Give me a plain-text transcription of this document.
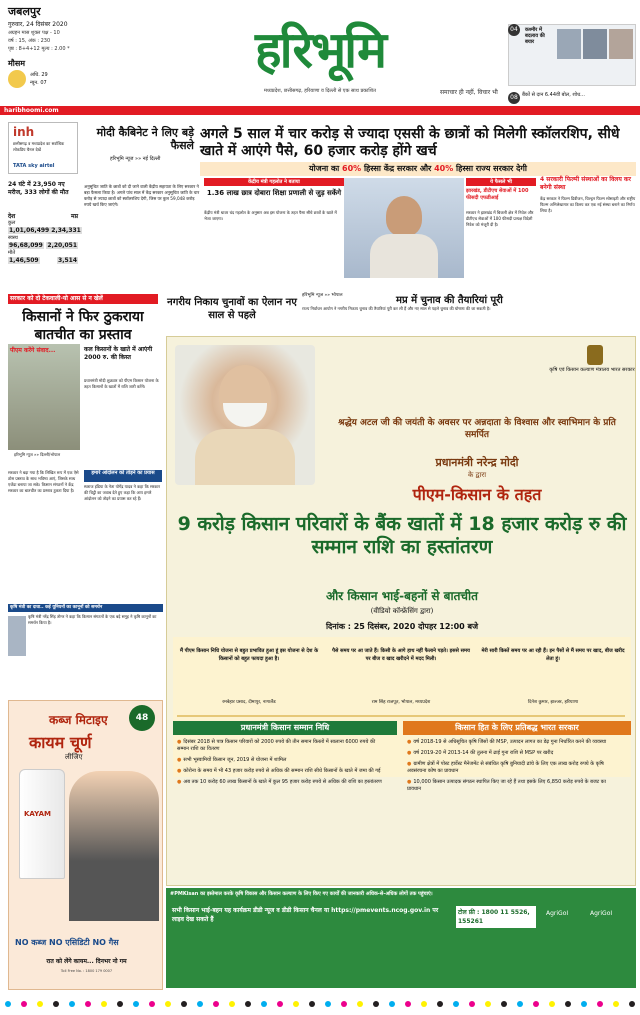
जबलपुर
गुरुवार, 24 दिसंबर 2020
अग्रहन मास शुक्ल पक्ष - 10
वर्ष : 15, अंक : 230
पृष्ठ : 8+4+12 मूल्य : 2.00 *
मौसम
अधि. 29
न्यून. 07
हरिभूमि
मध्यप्रदेश, छत्तीसगढ़, हरियाणा व दिल्ली से एक साथ प्रकाशित	समाचार ही नहीं, विचार भी
कश्मीर में बदलाव की बयार
04
08 बैंकों से दान 6.44वीं बोल, शोध...
haribhoomi.com
inh
छत्तीसगढ़ व मध्यप्रदेश का सर्वाधिक लोकप्रिय चैनल देखें
TATA sky airtel
24 घंटे में 23,950 नए मरीज, 333 लोगों की मौत
देश	मप्र
कुल
1,01,06,499 2,34,331
स्वस्थ
96,68,099 2,20,051
मौतें
1,46,509	3,514
मोदी कैबिनेट ने लिए बड़े फैसले
हरिभूमि न्यूज »» नई दिल्ली
अगले 5 साल में चार करोड़ से ज्यादा एससी के छात्रों को मिलेगी स्कॉलरशिप, सीधे खाते में आएंगे पैसे, 60 हजार करोड़ होंगे खर्च
योजना का 60% हिस्सा केंद्र सरकार और 40% हिस्सा राज्य सरकार देगी
अनुसूचित जाति के छात्रों को दी जाने वाली केंद्रीय सहायता के लिए सरकार ने बड़ा फैसला किया है। अगले पांच साल में केंद्र सरकार अनुसूचित जाति के चार करोड़ से ज्यादा छात्रों को स्कॉलरशिप देगी, जिस पर कुल 59,048 करोड़ रुपये खर्च किए जाएंगे।
केंद्रीय मंत्री गहलोत ने बताया
1.36 लाख छात्र दोबारा शिक्षा प्रणाली से जुड़ सकेंगे
केंद्रीय मंत्री थावर चंद गहलोत के अनुसार अब इस योजना के तहत पैसा सीधे छात्रों के खाते में भेजा जाएगा।
ये फैसले भी
झारखंड, डीटीएच सेवाओं में 100 फीसदी एफडीआई
सरकार ने झारखंड में बिजली क्षेत्र में निवेश और डीटीएच सेवाओं में 100 फीसदी प्रत्यक्ष विदेशी निवेश को मंजूरी दी है।
4 सरकारी फिल्मी संस्थाओं का विलय कर बनेगी संस्था
केंद्र सरकार ने फिल्म डिवीजन, चिल्ड्रन फिल्म सोसाइटी और राष्ट्रीय फिल्म अभिलेखागार का विलय कर एक नई संस्था बनाने का निर्णय लिया है।
सरकार को दो टेकवाली-यो आस से न खेलें
किसानों ने फिर ठुकराया बातचीत का प्रस्ताव
पीएम करेंगे संवाद...	कल किसानों के खाते में आएंगी 2000 रु. की किस्त
प्रधानमंत्री मोदी शुक्रवार को पीएम किसान योजना के तहत किसानों के खातों में राशि जारी करेंगे।
हरिभूमि न्यूज »» दिल्ली/भोपाल
सरकार ने बड़ा गया है कि लिखित रूप में एक ऐसे ठोस प्रस्ताव के साथ भविष्य आएं, जिसके साथ एजेंडा बनाया जा सके। किसान संगठनों ने केंद्र सरकार का बातचीत का प्रस्ताव ठुकरा दिया है।
हमारे आंदोलन को तोड़ने का प्रयास
स्वराज इंडिया के नेता योगेंद्र यादव ने कहा कि सरकार की चिट्ठी का जवाब देते हुए कहा कि आप हमारे आंदोलन को तोड़ने का प्रयास कर रहे हैं।
कृषि मंत्री का दावा.. कई यूनियनों का कानूनों को समर्थन
कृषि मंत्री नरेंद्र सिंह तोमर ने कहा कि किसान संगठनों के एक बड़े समूह ने कृषि कानूनों का समर्थन किया है।
नगरीय निकाय चुनावों का ऐलान नए साल से पहले
हरिभूमि न्यूज »» भोपाल	मप्र में चुनाव की तैयारियां पूरी
राज्य निर्वाचन आयोग ने नगरीय निकाय चुनाव की तैयारियां पूरी कर ली हैं और नए साल से पहले चुनाव की घोषणा की जा सकती है।
कृषि एवं किसान कल्याण मंत्रालय भारत सरकार
श्रद्धेय अटल जी की जयंती के अवसर पर अन्नदाता के विश्वास और स्वाभिमान के प्रति समर्पित
प्रधानमंत्री नरेन्द्र मोदी
के द्वारा
पीएम-किसान के तहत
9 करोड़ किसान परिवारों के बैंक खातों में 18 हजार करोड़ रु की सम्मान राशि का हस्तांतरण
और किसान भाई-बहनों से बातचीत
(वीडियो कॉन्फ्रेंसिंग द्वारा)
दिनांक : 25 दिसंबर, 2020 दोपहर 12:00 बजे
मैं पीएम किसान निधि योजना से बहुत प्रभावित हुआ हूं इस योजना से देश के किसानों को बहुत फायदा हुआ है।
रमबेहार प्रसाद, दीमापुर, नागालैंड
पैसे समय पर आ जाते हैं। किसी के आगे हाथ नहीं फैलाने पड़ते। इससे समय पर बीज व खाद खरीदने में मदद मिली।
राम सिंह राजपूत, भोपाल, मध्यप्रदेश
मेरी सारी किस्तें समय पर आ रही हैं। इन पैसों से मैं समय पर खाद, बीज खरीद लेता हूं।
दिनेश कुमार, झज्जर, हरियाणा
प्रधानमंत्री किसान सम्मान निधि
● दिसंबर 2018 से पात्र किसान परिवारों को 2000 रुपये की तीन समान किस्तों में सालाना 6000 रुपये की सम्मान राशि का वितरण
● सभी भूस्वामियों किसान जून, 2019 से योजना में शामिल
● कोरोना के समय में भी 43 हजार करोड़ रुपये से अधिक की सम्मान राशि सीधे किसानों के खाते में जमा की गई
● अब तक 10 करोड़ 60 लाख किसानों के खाते में कुल 95 हजार करोड़ रुपये से अधिक की राशि का हस्तांतरण
किसान हित के लिए प्रतिबद्ध भारत सरकार
● वर्ष 2018-19 से अधिसूचित कृषि जिंसों की MSP, उत्पादन लागत का डेढ़ गुना निर्धारित करने की व्यवस्था
● वर्ष 2019-20 में 2013-14 की तुलना में ढाई गुना राशि से MSP पर खरीद
● ग्रामीण क्षेत्रों में पोस्ट हार्वेस्ट मैनेजमेंट से संबंधित कृषि बुनियादी ढांचे के लिए एक लाख करोड़ रुपये के कृषि अवसंरचना कोष का प्रावधान
● 10,000 किसान उत्पादक संगठन स्थापित किए जा रहे हैं तथा इसके लिए 6,850 करोड़ रुपये के बजट का प्रावधान
#PMKisan का इस्तेमाल करके कृषि विकास और किसान कल्याण के लिए किए गए कार्यों की जानकारी अधिक-से-अधिक लोगों तक पहुंचाएं।
सभी किसान भाई-बहन यह कार्यक्रम डीडी न्यूज व डीडी किसान चैनल या https://pmevents.ncog.gov.in पर लाइव देख सकते हैं
टोल फ्री : 1800 11 5526, 155261
AgriGoI	AgriGoI
कब्ज मिटाइए
कायम चूर्ण
लीजिए
48
KAYAM
NO कब्ज NO एसिडिटी NO गैस
रात को लेंगे कायम... दिनभर नो गम
Toll Free No. : 1800 179 0007
